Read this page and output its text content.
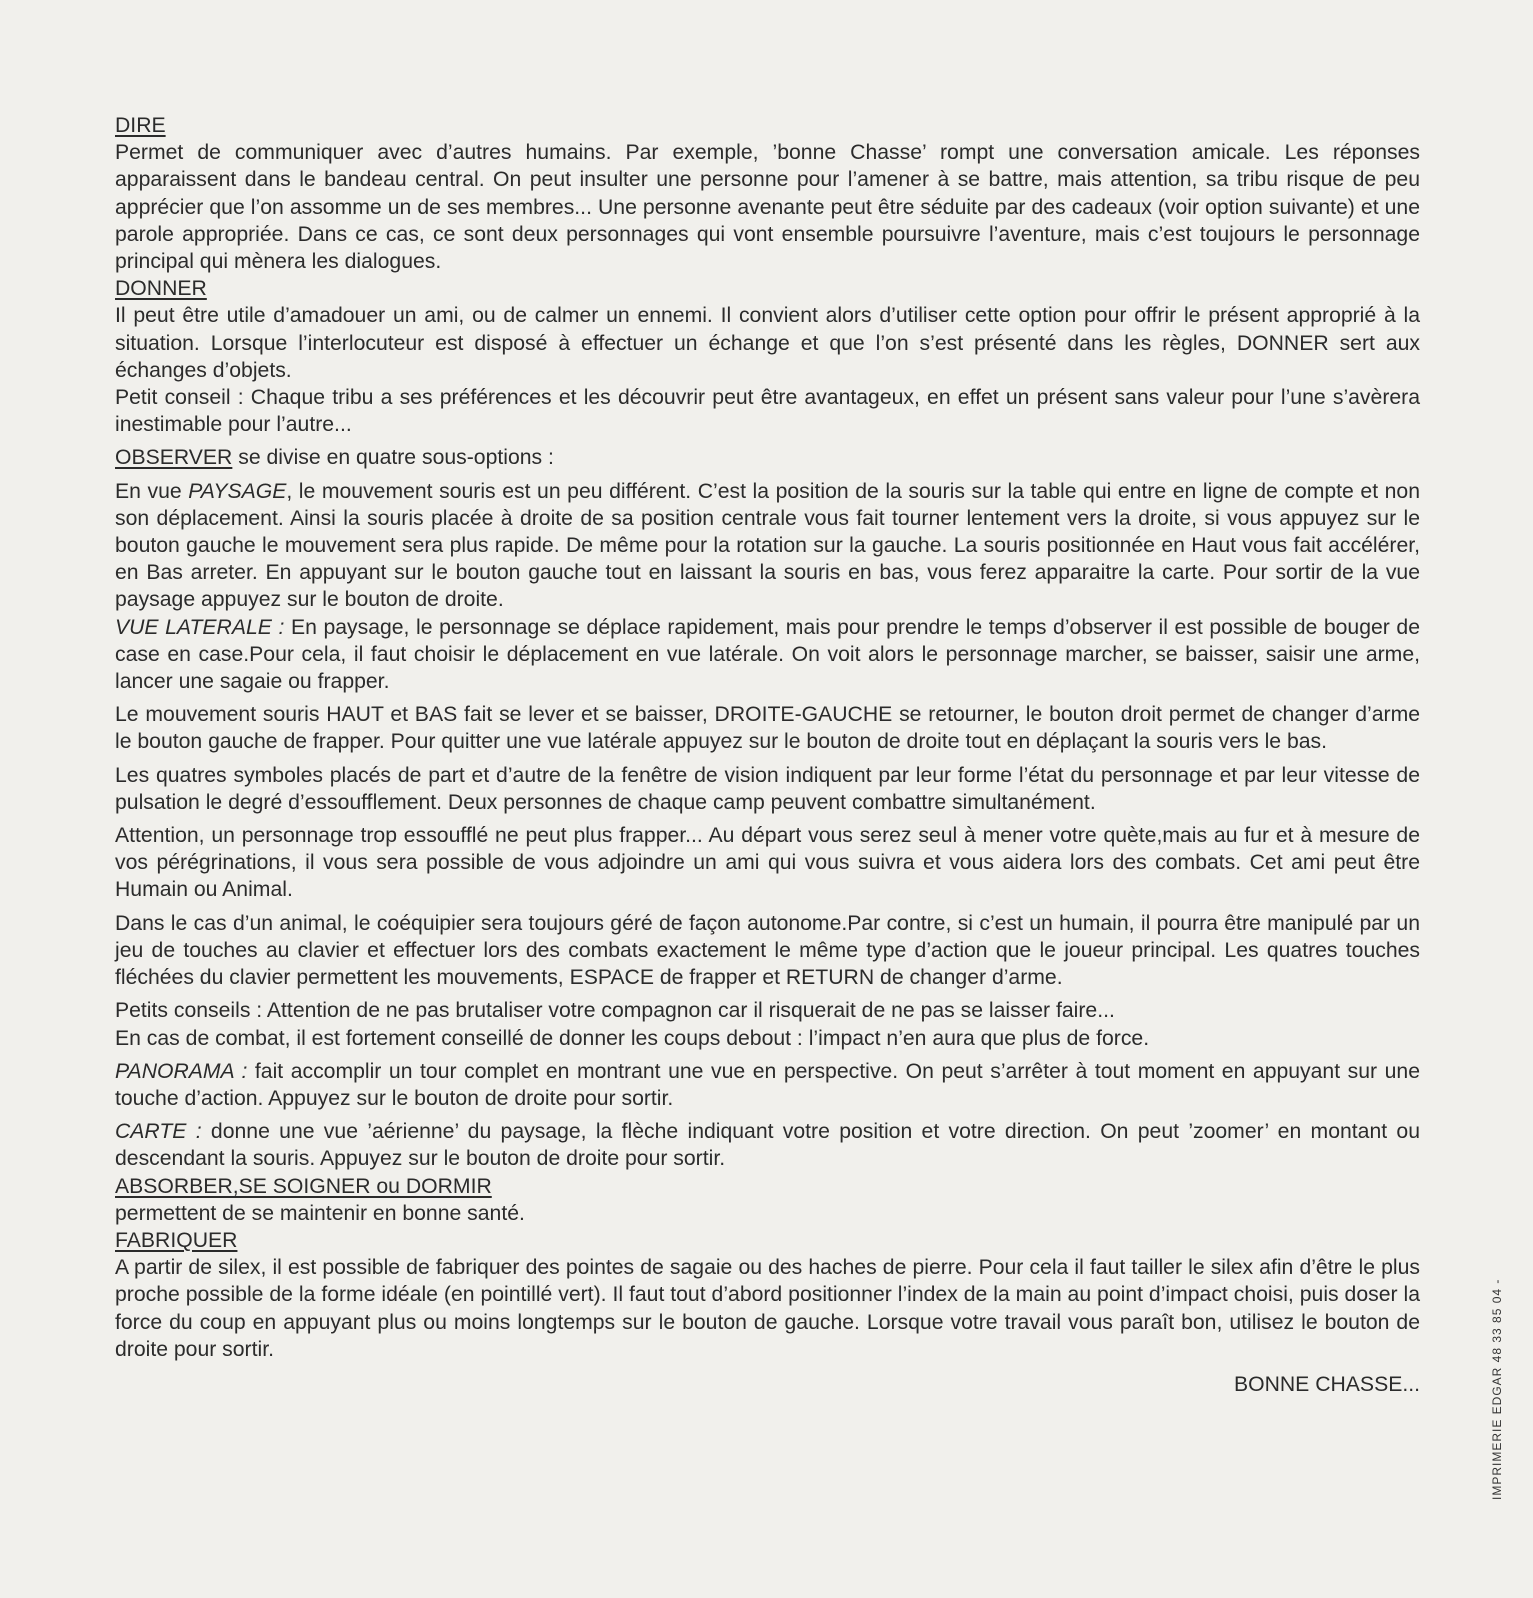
DIRE

Permet de communiquer avec d’autres humains. Par exemple, ’bonne Chasse’ rompt une conversation amicale. Les réponses apparaissent dans le bandeau central. On peut insulter une personne pour l’amener à se battre, mais attention, sa tribu risque de peu apprécier que l’on assomme un de ses membres... Une personne avenante peut être séduite par des cadeaux (voir option suivante) et une parole appropriée. Dans ce cas, ce sont deux personnages qui vont ensemble poursuivre l’aventure, mais c’est toujours le personnage principal qui mènera les dialogues.

DONNER

Il peut être utile d’amadouer un ami, ou de calmer un ennemi. Il convient alors d’utiliser cette option pour offrir le présent approprié à la situation. Lorsque l’interlocuteur est disposé à effectuer un échange et que l’on s’est présenté dans les règles, DONNER sert aux échanges d’objets.

Petit conseil : Chaque tribu a ses préférences et les découvrir peut être avantageux, en effet un présent sans valeur pour l’une s’avèrera inestimable pour l’autre...

OBSERVER se divise en quatre sous-options :

En vue PAYSAGE, le mouvement souris est un peu différent. C’est la position de la souris sur la table qui entre en ligne de compte et non son déplacement. Ainsi la souris placée à droite de sa position centrale vous fait tourner lentement vers la droite, si vous appuyez sur le bouton gauche le mouvement sera plus rapide. De même pour la rotation sur la gauche. La souris positionnée en Haut vous fait accélérer, en Bas arreter. En appuyant sur le bouton gauche tout en laissant la souris en bas, vous ferez apparaitre la carte. Pour sortir de la vue paysage appuyez sur le bouton de droite.

VUE LATERALE : En paysage, le personnage se déplace rapidement, mais pour prendre le temps d’observer il est possible de bouger de case en case.Pour cela, il faut choisir le déplacement en vue latérale. On voit alors le personnage marcher, se baisser, saisir une arme, lancer une sagaie ou frapper.

Le mouvement souris HAUT et BAS fait se lever et se baisser, DROITE-GAUCHE se retourner, le bouton droit permet de changer d’arme le bouton gauche de frapper. Pour quitter une vue latérale appuyez sur le bouton de droite tout en déplaçant la souris vers le bas.

Les quatres symboles placés de part et d’autre de la fenêtre de vision indiquent par leur forme l’état du personnage et par leur vitesse de pulsation le degré d’essoufflement. Deux personnes de chaque camp peuvent combattre simultanément.

Attention, un personnage trop essoufflé ne peut plus frapper... Au départ vous serez seul à mener votre quète,mais au fur et à mesure de vos pérégrinations, il vous sera possible de vous adjoindre un ami qui vous suivra et vous aidera lors des combats. Cet ami peut être Humain ou Animal.

Dans le cas d’un animal, le coéquipier sera toujours géré de façon autonome.Par contre, si c’est un humain, il pourra être manipulé par un jeu de touches au clavier et effectuer lors des combats exactement le même type d’action que le joueur principal. Les quatres touches fléchées du clavier permettent les mouvements, ESPACE de frapper et RETURN de changer d’arme.

Petits conseils : Attention de ne pas brutaliser votre compagnon car il risquerait de ne pas se laisser faire...

En cas de combat, il est fortement conseillé de donner les coups debout : l’impact n’en aura que plus de force.

PANORAMA : fait accomplir un tour complet en montrant une vue en perspective. On peut s’arrêter à tout moment en appuyant sur une touche d’action. Appuyez sur le bouton de droite pour sortir.

CARTE : donne une vue ’aérienne’ du paysage, la flèche indiquant votre position et votre direction. On peut ’zoomer’ en montant ou descendant la souris. Appuyez sur le bouton de droite pour sortir.

ABSORBER,SE SOIGNER ou DORMIR

permettent de se maintenir en bonne santé.

FABRIQUER

A partir de silex, il est possible de fabriquer des pointes de sagaie ou des haches de pierre. Pour cela il faut tailler le silex afin d’être le plus proche possible de la forme idéale (en pointillé vert). Il faut tout d’abord positionner l’index de la main au point d’impact choisi, puis doser la force du coup en appuyant plus ou moins longtemps sur le bouton de gauche. Lorsque votre travail vous paraît bon, utilisez le bouton de droite pour sortir.

BONNE CHASSE...	IMPRIMERIE EDGAR 48 33 85 04 -
